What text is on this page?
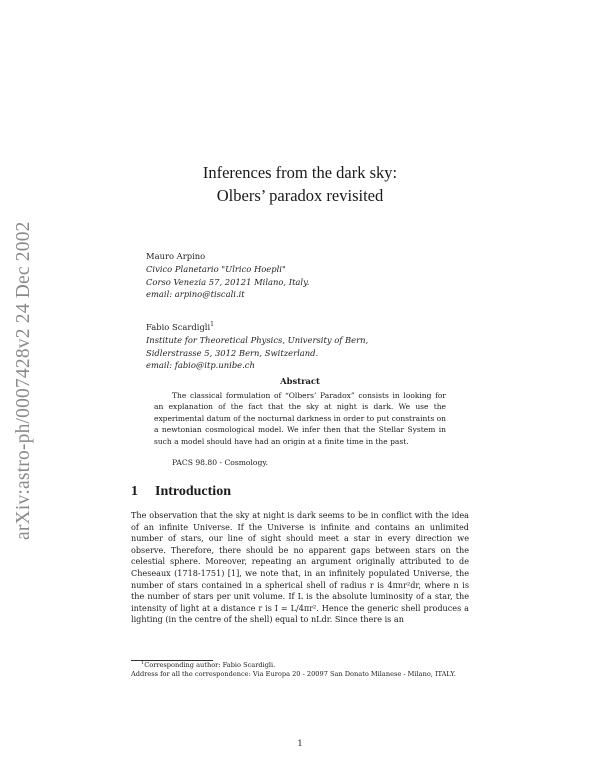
arXiv:astro-ph/0007428v2 24 Dec 2002
Inferences from the dark sky:
Olbers’ paradox revisited
Mauro Arpino
Civico Planetario "Ulrico Hoepli"
Corso Venezia 57, 20121 Milano, Italy.
email: arpino@tiscali.it
Fabio Scardigli$^1$
Institute for Theoretical Physics, University of Bern,
Sidlerstrasse 5, 3012 Bern, Switzerland.
email: fabio@itp.unibe.ch
Abstract

The classical formulation of “Olbers’ Paradox” consists in looking for an explanation of the fact that the sky at night is dark. We use the experimental datum of the nocturnal darkness in order to put constraints on a newtonian cosmological model. We infer then that the Stellar System in such a model should have had an origin at a finite time in the past.

PACS 98.80 - Cosmology.
1 Introduction

The observation that the sky at night is dark seems to be in conflict with the idea of an infinite Universe. If the Universe is infinite and contains an unlimited number of stars, our line of sight should meet a star in every direction we observe. Therefore, there should be no apparent gaps between stars on the celestial sphere. Moreover, repeating an argument originally attributed to de Cheseaux (1718-1751) [1], we note that, in an infinitely populated Universe, the number of stars contained in a spherical shell of radius r is 4πnr²dr, where n is the number of stars per unit volume. If L is the absolute luminosity of a star, the intensity of light at a distance r is I = L/4πr². Hence the generic shell produces a lighting (in the centre of the shell) equal to nLdr. Since there is an

$^1$Corresponding author: Fabio Scardigli.

Address for all the correspondence: Via Europa 20 - 20097 San Donato Milanese - Milano, ITALY.

1
